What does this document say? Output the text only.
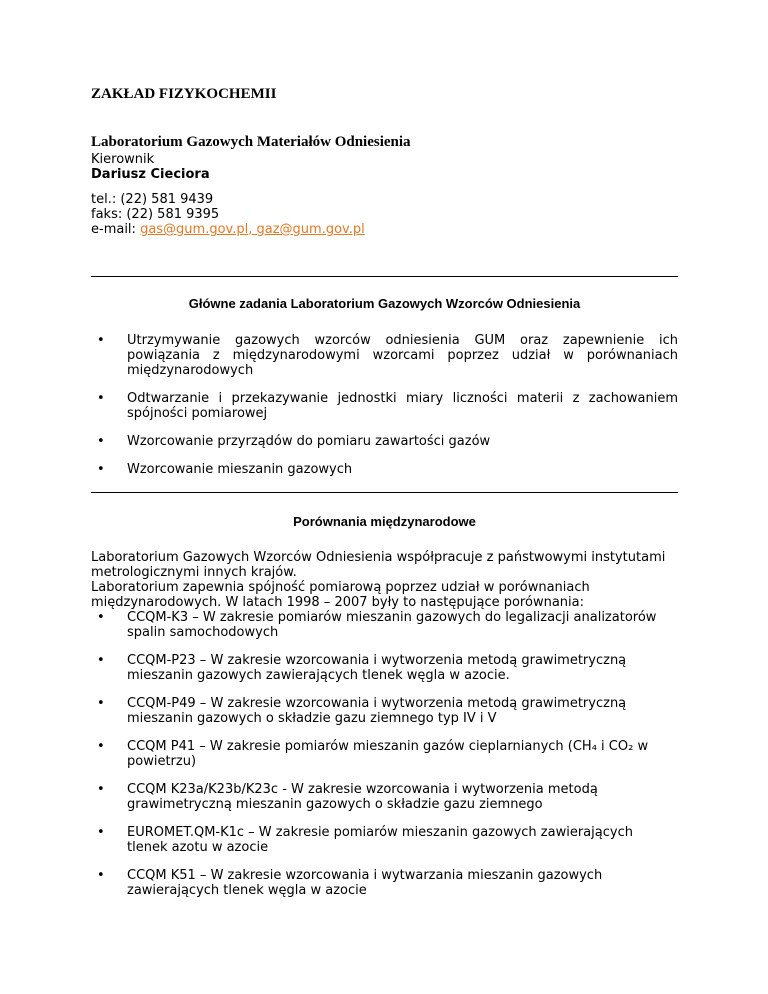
ZAKŁAD FIZYKOCHEMII
Laboratorium Gazowych Materiałów Odniesienia
Kierownik
Dariusz Cieciora
tel.: (22) 581 9439
faks: (22) 581 9395
e-mail: gas@gum.gov.pl, gaz@gum.gov.pl
Główne zadania Laboratorium Gazowych Wzorców Odniesienia
• Utrzymywanie gazowych wzorców odniesienia GUM oraz zapewnienie ich powiązania z międzynarodowymi wzorcami poprzez udział w porównaniach międzynarodowych
• Odtwarzanie i przekazywanie jednostki miary liczności materii z zachowaniem spójności pomiarowej
• Wzorcowanie przyrządów do pomiaru zawartości gazów
• Wzorcowanie mieszanin gazowych
Porównania międzynarodowe
Laboratorium Gazowych Wzorców Odniesienia współpracuje z państwowymi instytutami
metrologicznymi innych krajów.
Laboratorium zapewnia spójność pomiarową poprzez udział w porównaniach
międzynarodowych. W latach 1998 – 2007 były to następujące porównania:
• CCQM-K3 – W zakresie pomiarów mieszanin gazowych do legalizacji analizatorów
spalin samochodowych
• CCQM-P23 – W zakresie wzorcowania i wytworzenia metodą grawimetryczną
mieszanin gazowych zawierających tlenek węgla w azocie.
• CCQM-P49 – W zakresie wzorcowania i wytworzenia metodą grawimetryczną
mieszanin gazowych o składzie gazu ziemnego typ IV i V
• CCQM P41 – W zakresie pomiarów mieszanin gazów cieplarnianych (CH₄ i CO₂ w
powietrzu)
• CCQM K23a/K23b/K23c - W zakresie wzorcowania i wytworzenia metodą
grawimetryczną mieszanin gazowych o składzie gazu ziemnego
• EUROMET.QM-K1c – W zakresie pomiarów mieszanin gazowych zawierających
tlenek azotu w azocie
• CCQM K51 – W zakresie wzorcowania i wytwarzania mieszanin gazowych
zawierających tlenek węgla w azocie
